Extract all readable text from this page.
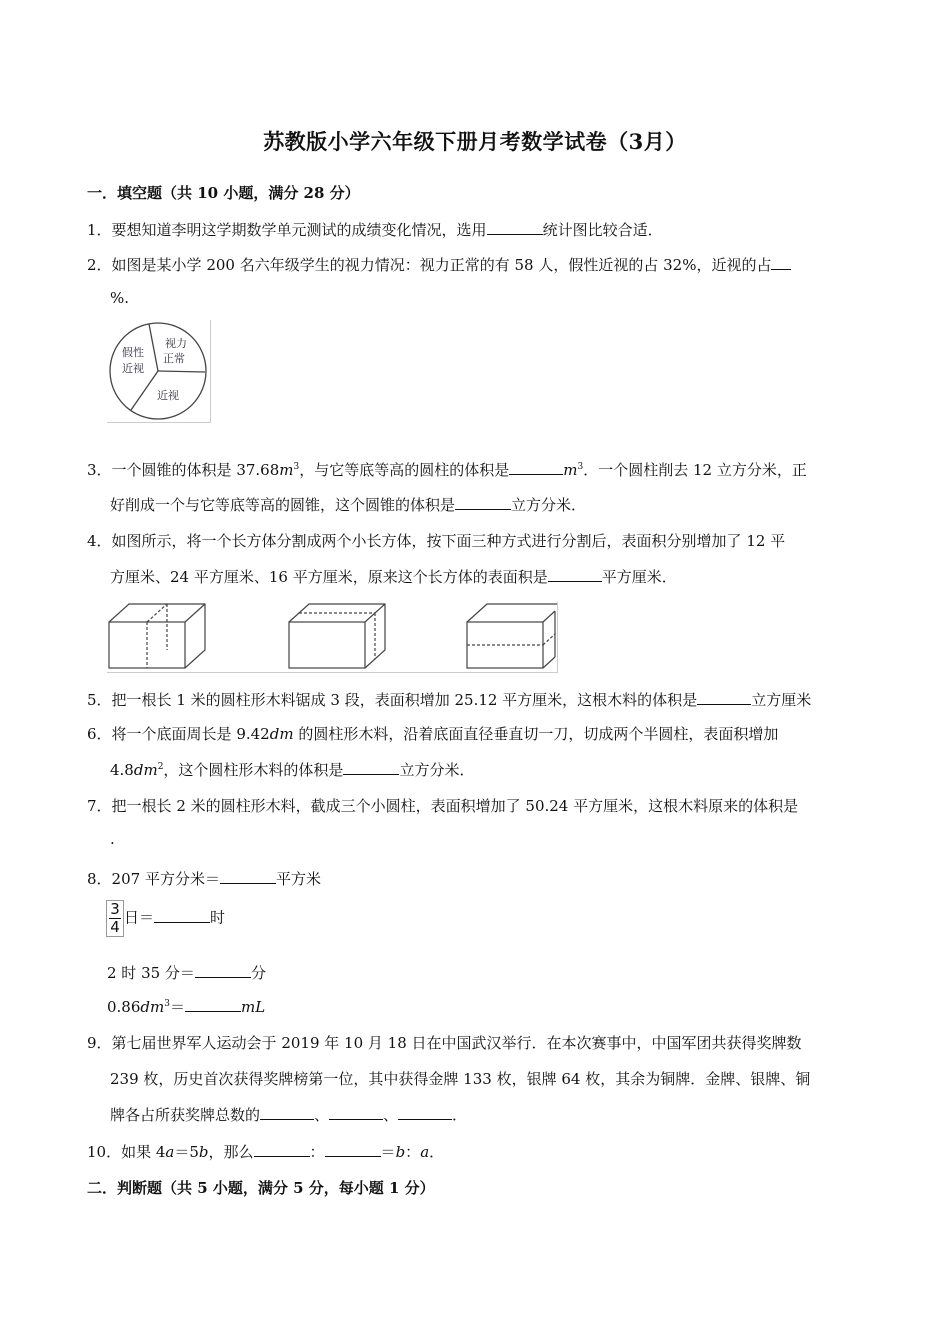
苏教版小学六年级下册月考数学试卷（3月）
一．填空题（共 10 小题，满分 28 分）
1．要想知道李明这学期数学单元测试的成绩变化情况，选用	统计图比较合适．
2．如图是某小学 200 名六年级学生的视力情况：视力正常的有 58 人，假性近视的占 32%，近视的占
%.
假性
近视
视力
正常
近视
3．一个圆锥的体积是 $37.68m^3$，与它等底等高的圆柱的体积是	$m^3$．一个圆柱削去 12 立方分米，正
好削成一个与它等底等高的圆锥，这个圆锥的体积是	立方分米．
4．如图所示，将一个长方体分割成两个小长方体，按下面三种方式进行分割后，表面积分别增加了 12 平
方厘米、24 平方厘米、16 平方厘米，原来这个长方体的表面积是	平方厘米．
5．把一根长 1 米的圆柱形木料锯成 3 段，表面积增加 25.12 平方厘米，这根木料的体积是	立方厘米
6．将一个底面周长是 9.42dm 的圆柱形木料，沿着底面直径垂直切一刀，切成两个半圆柱，表面积增加
$4.8dm^2$，这个圆柱形木料的体积是	立方分米．
7．把一根长 2 米的圆柱形木料，截成三个小圆柱，表面积增加了 50.24 平方厘米，这根木料原来的体积是
.
8．207 平方分米＝	平方米
$\frac{3}{4}$ 日＝	时
2 时 35 分＝	分
$0.86dm^3=$	mL
9．第七届世界军人运动会于 2019 年 10 月 18 日在中国武汉举行．在本次赛事中，中国军团共获得奖牌数
239 枚，历史首次获得奖牌榜第一位，其中获得金牌 133 枚，银牌 64 枚，其余为铜牌．金牌、银牌、铜
牌各占所获奖牌总数的	、	、	．
10．如果 4a＝5b，那么	：	＝b：a．
二．判断题（共 5 小题，满分 5 分，每小题 1 分）
